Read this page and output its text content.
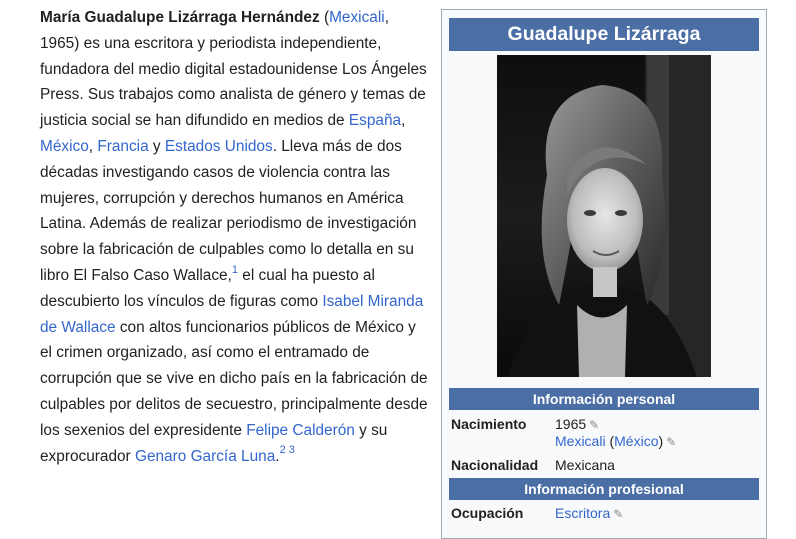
María Guadalupe Lizárraga Hernández (Mexicali, 1965) es una escritora y periodista independiente, fundadora del medio digital estadounidense Los Ángeles Press. Sus trabajos como analista de género y temas de justicia social se han difundido en medios de España, México, Francia y Estados Unidos. Lleva más de dos décadas investigando casos de violencia contra las mujeres, corrupción y derechos humanos en América Latina. Además de realizar periodismo de investigación sobre la fabricación de culpables como lo detalla en su libro El Falso Caso Wallace,$^1$ el cual ha puesto al descubierto los vínculos de figuras como Isabel Miranda de Wallace con altos funcionarios públicos de México y el crimen organizado, así como el entramado de corrupción que se vive en dicho país en la fabricación de culpables por delitos de secuestro, principalmente desde los sexenios del expresidente Felipe Calderón y su exprocurador Genaro García Luna.$^2$ $^3$

Guadalupe Lizárraga
Información personal
Nacimiento 1965 ✎
Mexicali (México) ✎
Nacionalidad Mexicana
Información profesional
Ocupación Escritora ✎
